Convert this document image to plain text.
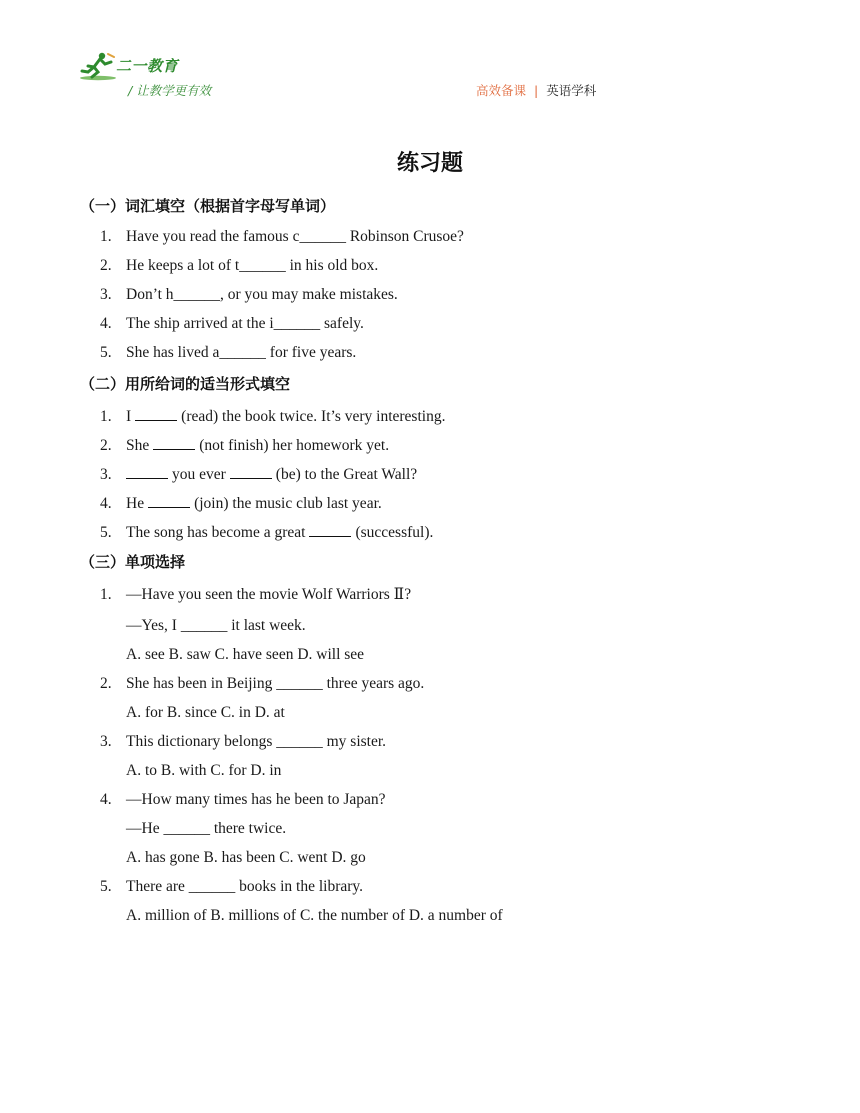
二一教育
/ 让教学更有效	高效备课 | 英语学科
练习题
（一）词汇填空（根据首字母写单词）
1. Have you read the famous c______ Robinson Crusoe?
2. He keeps a lot of t______ in his old box.
3. Don’t h______, or you may make mistakes.
4. The ship arrived at the i______ safely.
5. She has lived a______ for five years.
（二）用所给词的适当形式填空
1. I	(read) the book twice. It’s very interesting.
2. She	(not finish) her homework yet.
3.	you ever	(be) to the Great Wall?
4. He	(join) the music club last year.
5. The song has become a great	(successful).
（三）单项选择
1. —Have you seen the movie Wolf Warriors Ⅱ?
—Yes, I ______ it last week.
A. see B. saw C. have seen D. will see
2. She has been in Beijing ______ three years ago.
A. for B. since C. in D. at
3. This dictionary belongs ______ my sister.
A. to B. with C. for D. in
4. —How many times has he been to Japan?
—He ______ there twice.
A. has gone B. has been C. went D. go
5. There are ______ books in the library.
A. million of B. millions of C. the number of D. a number of
